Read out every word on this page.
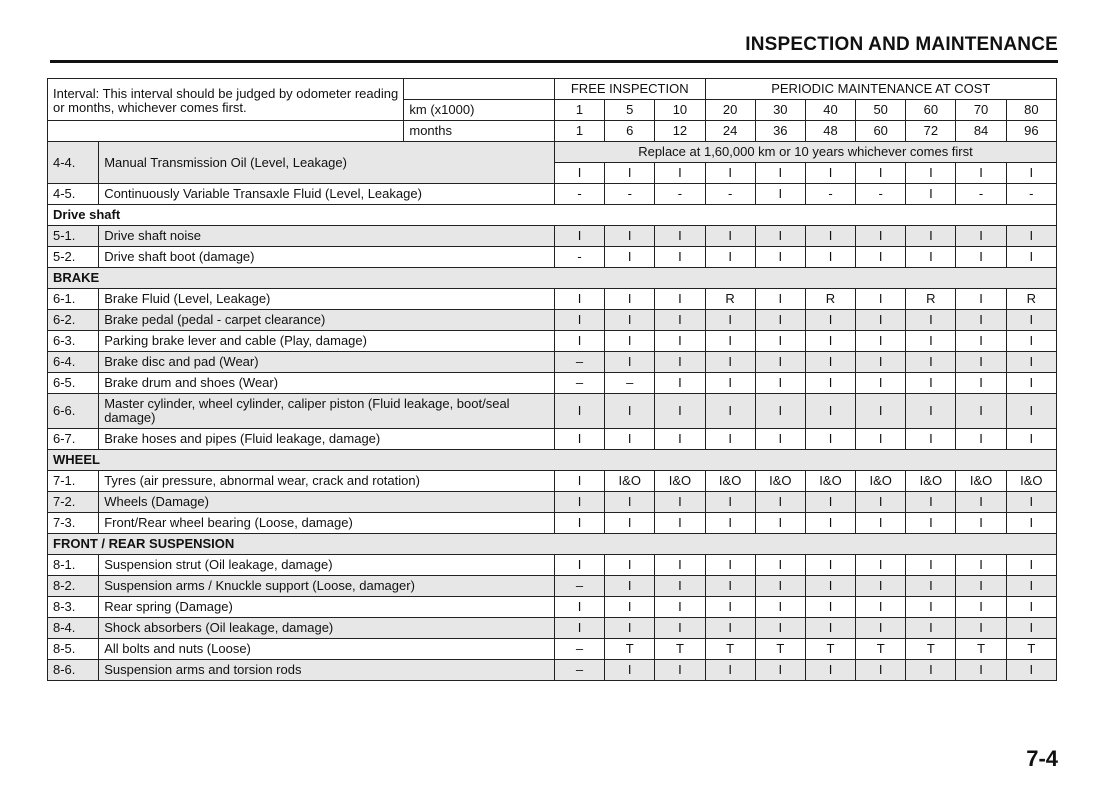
INSPECTION AND MAINTENANCE
Interval: This interval should be judged by odometer reading or months, whichever comes first.			FREE INSPECTION			PERIODIC MAINTENANCE AT COST						
		km (x1000)	1	5	10	20	30	40	50	60	70	80
		months	1	6	12	24	36	48	60	72	84	96
4-4.	Manual Transmission Oil (Level, Leakage)		Replace at 1,60,000 km or 10 years whichever comes first									
			I	I	I	I	I	I	I	I	I	I
4-5.	Continuously Variable Transaxle Fluid (Level, Leakage)		-	-	-	-	I	-	-	I	-	-
Drive shaft												
5-1.	Drive shaft noise		I	I	I	I	I	I	I	I	I	I
5-2.	Drive shaft boot (damage)		-	I	I	I	I	I	I	I	I	I
BRAKE												
6-1.	Brake Fluid (Level, Leakage)		I	I	I	R	I	R	I	R	I	R
6-2.	Brake pedal (pedal - carpet clearance)		I	I	I	I	I	I	I	I	I	I
6-3.	Parking brake lever and cable (Play, damage)		I	I	I	I	I	I	I	I	I	I
6-4.	Brake disc and pad (Wear)		–	I	I	I	I	I	I	I	I	I
6-5.	Brake drum and shoes (Wear)		–	–	I	I	I	I	I	I	I	I
6-6.	Master cylinder, wheel cylinder, caliper piston (Fluid leakage, boot/seal damage)		I	I	I	I	I	I	I	I	I	I
6-7.	Brake hoses and pipes (Fluid leakage, damage)		I	I	I	I	I	I	I	I	I	I
WHEEL												
7-1.	Tyres (air pressure, abnormal wear, crack and rotation)		I	I&O	I&O	I&O	I&O	I&O	I&O	I&O	I&O	I&O
7-2.	Wheels (Damage)		I	I	I	I	I	I	I	I	I	I
7-3.	Front/Rear wheel bearing (Loose, damage)		I	I	I	I	I	I	I	I	I	I
FRONT / REAR SUSPENSION												
8-1.	Suspension strut (Oil leakage, damage)		I	I	I	I	I	I	I	I	I	I
8-2.	Suspension arms / Knuckle support (Loose, damager)		–	I	I	I	I	I	I	I	I	I
8-3.	Rear spring (Damage)		I	I	I	I	I	I	I	I	I	I
8-4.	Shock absorbers (Oil leakage, damage)		I	I	I	I	I	I	I	I	I	I
8-5.	All bolts and nuts (Loose)		–	T	T	T	T	T	T	T	T	T
8-6.	Suspension arms and torsion rods		–	I	I	I	I	I	I	I	I	I
7-4
